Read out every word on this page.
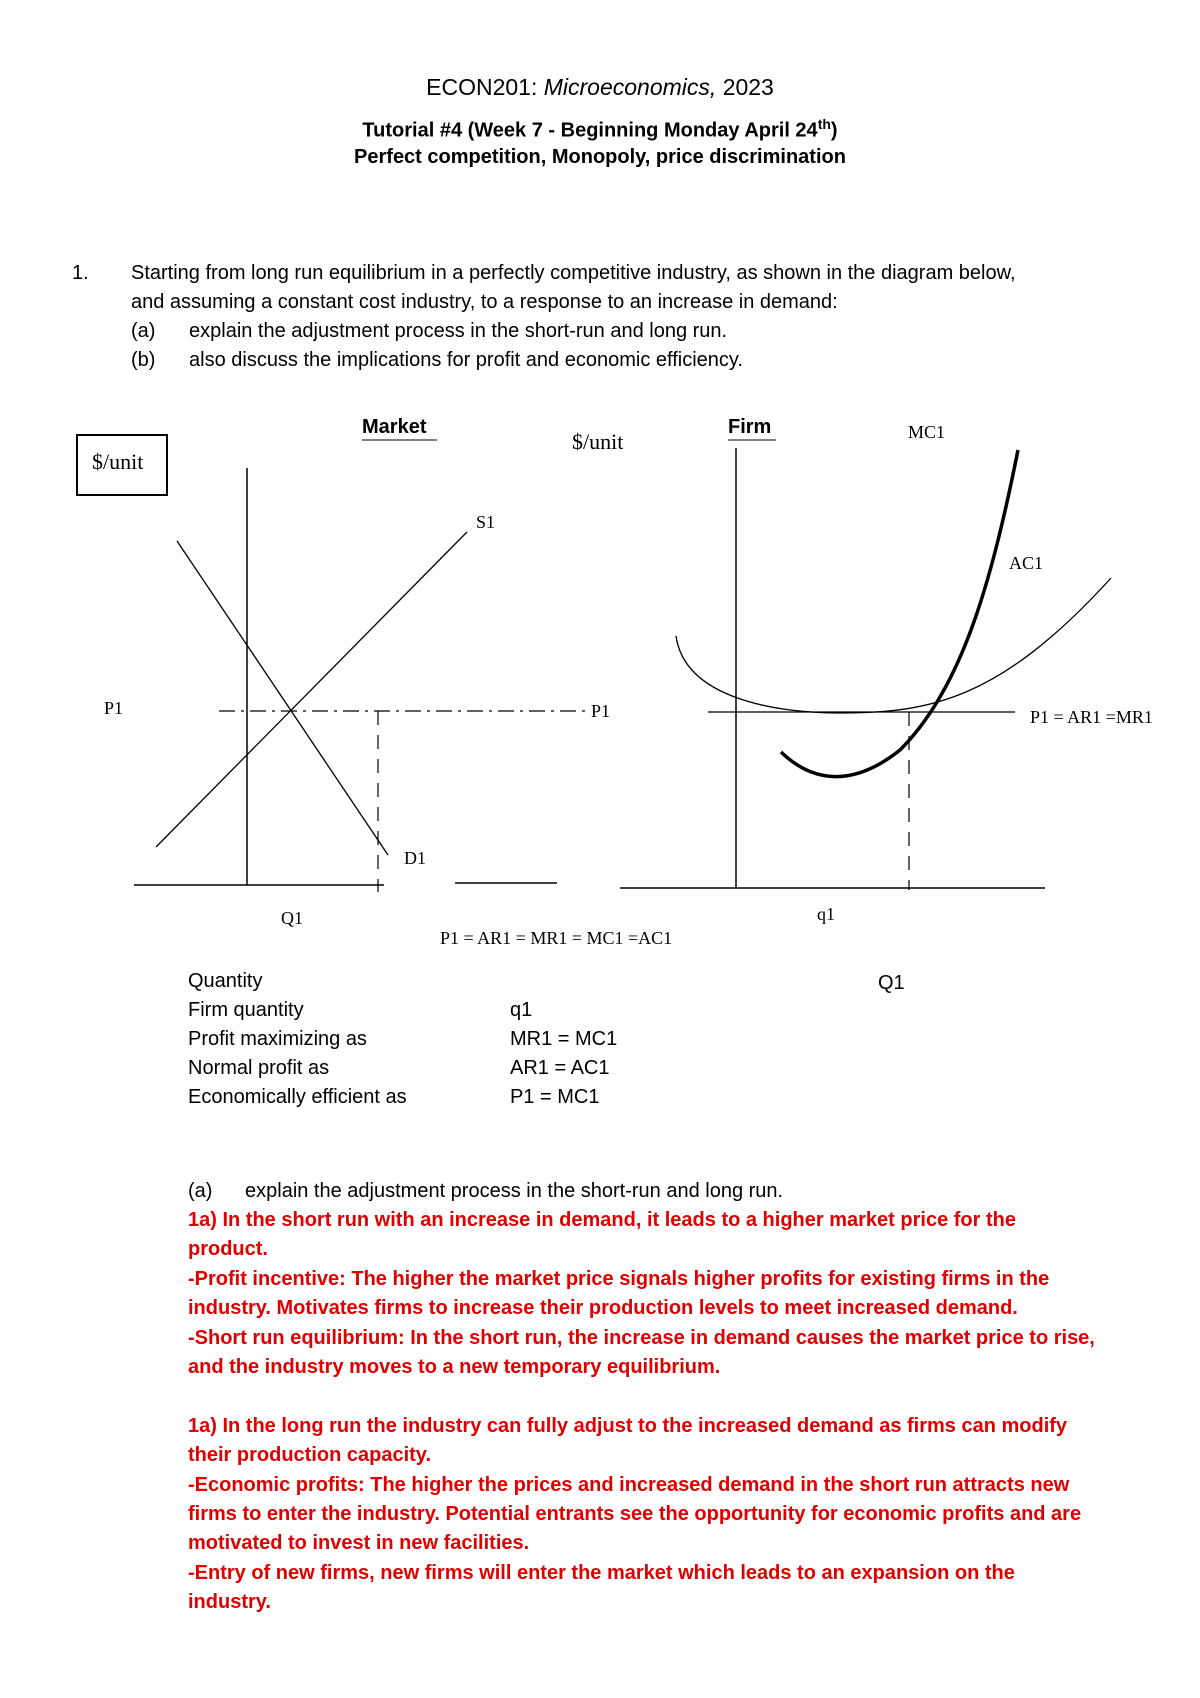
ECON201: Microeconomics, 2023
Tutorial #4 (Week 7 - Beginning Monday April 24th)
Perfect competition, Monopoly, price discrimination
1. Starting from long run equilibrium in a perfectly competitive industry, as shown in the diagram below,
and assuming a constant cost industry, to a response to an increase in demand:
(a) explain the adjustment process in the short-run and long run.
(b) also discuss the implications for profit and economic efficiency.
Market	Firm
$/unit
$/unit
S1
D1
P1	P1
Q1	q1
MC1
AC1
P1 = AR1 =MR1
P1 = AR1 = MR1 = MC1 =AC1
Q1
Quantity
Firm quantity	q1
Profit maximizing as	MR1 = MC1
Normal profit as	AR1 = AC1
Economically efficient as	P1 = MC1
(a) explain the adjustment process in the short-run and long run.
1a) In the short run with an increase in demand, it leads to a higher market price for the
product.
-Profit incentive: The higher the market price signals higher profits for existing firms in the
industry. Motivates firms to increase their production levels to meet increased demand.
-Short run equilibrium: In the short run, the increase in demand causes the market price to rise,
and the industry moves to a new temporary equilibrium.
1a) In the long run the industry can fully adjust to the increased demand as firms can modify
their production capacity.
-Economic profits: The higher the prices and increased demand in the short run attracts new
firms to enter the industry. Potential entrants see the opportunity for economic profits and are
motivated to invest in new facilities.
-Entry of new firms, new firms will enter the market which leads to an expansion on the
industry.
